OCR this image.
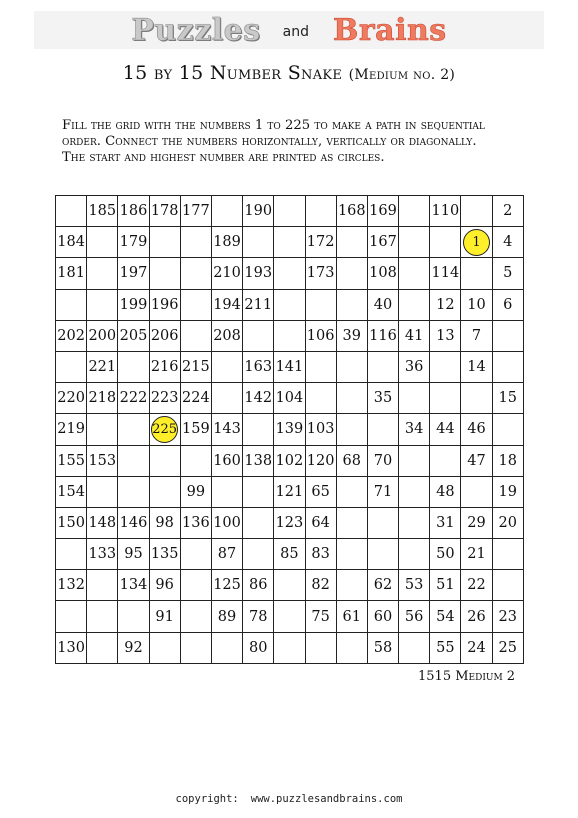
Puzzles and Brains
15 by 15 Number Snake (Medium no. 2)
Fill the grid with the numbers 1 to 225 to make a path in sequential
order. Connect the numbers horizontally, vertically or diagonally.
The start and highest number are printed as circles.
	185	186	178	177		190			168	169		110		2
184		179			189			172		167			1	4
181		197			210	193		173		108		114		5
		199	196		194	211				40		12	10	6
202	200	205	206		208			106	39	116	41	13	7	
	221		216	215		163	141				36		14	
220	218	222	223	224		142	104			35				15
219			225	159	143		139	103			34	44	46	
155	153				160	138	102	120	68	70			47	18
154				99			121	65		71		48		19
150	148	146	98	136	100		123	64				31	29	20
	133	95	135		87		85	83				50	21	
132		134	96		125	86		82		62	53	51	22	
			91		89	78		75	61	60	56	54	26	23
130		92				80				58		55	24	25
1515 Medium 2
copyright: www.puzzlesandbrains.com
